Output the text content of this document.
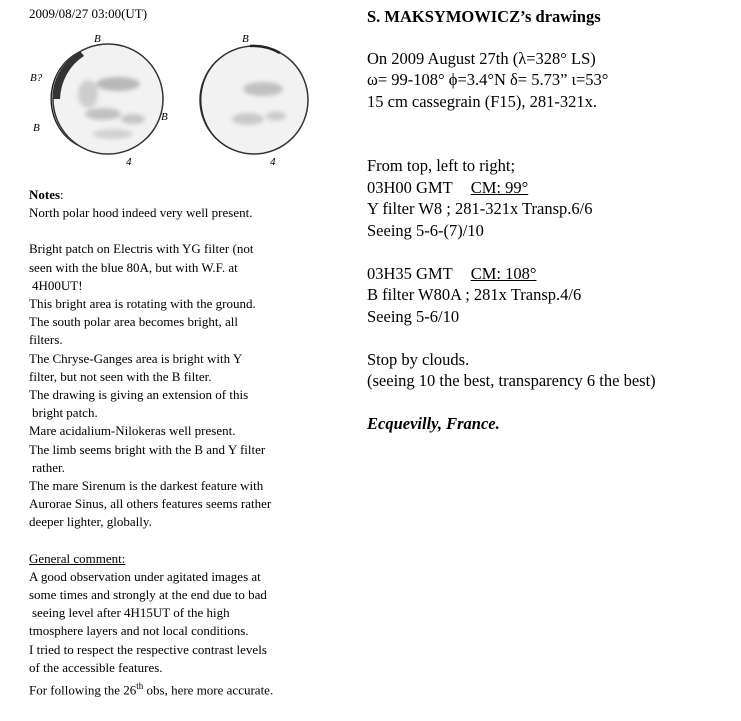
2009/08/27 03:00(UT)
B
B?
B
B
4
B
4

Notes:

North polar hood indeed very well present.

Bright patch on Electris with YG filter (not

seen with the blue 80A, but with W.F. at

4H00UT!

This bright area is rotating with the ground.

The south polar area becomes bright, all

filters.

The Chryse-Ganges area is bright with Y

filter, but not seen with the B filter.

The drawing is giving an extension of this

bright patch.

Mare acidalium-Nilokeras well present.

The limb seems bright with the B and Y filter

rather.

The mare Sirenum is the darkest feature with

Aurorae Sinus, all others features seems rather

deeper lighter, globally.

General comment:

A good observation under agitated images at

some times and strongly at the end due to bad

seeing level after 4H15UT of the high

tmosphere layers and not local conditions.

I tried to respect the respective contrast levels

of the accessible features.

For following the 26th obs, here more accurate.

S. MAKSYMOWICZ’s drawings

On 2009 August 27th (λ=328° LS)

ω= 99-108° ϕ=3.4°N δ= 5.73” ι=53°

15 cm cassegrain (F15), 281-321x.

From top, left to right;

03H00 GMT CM: 99°

Y filter W8 ; 281-321x Transp.6/6

Seeing 5-6-(7)/10

03H35 GMT CM: 108°

B filter W80A ; 281x Transp.4/6

Seeing 5-6/10

Stop by clouds.

(seeing 10 the best, transparency 6 the best)

Ecquevilly, France.
